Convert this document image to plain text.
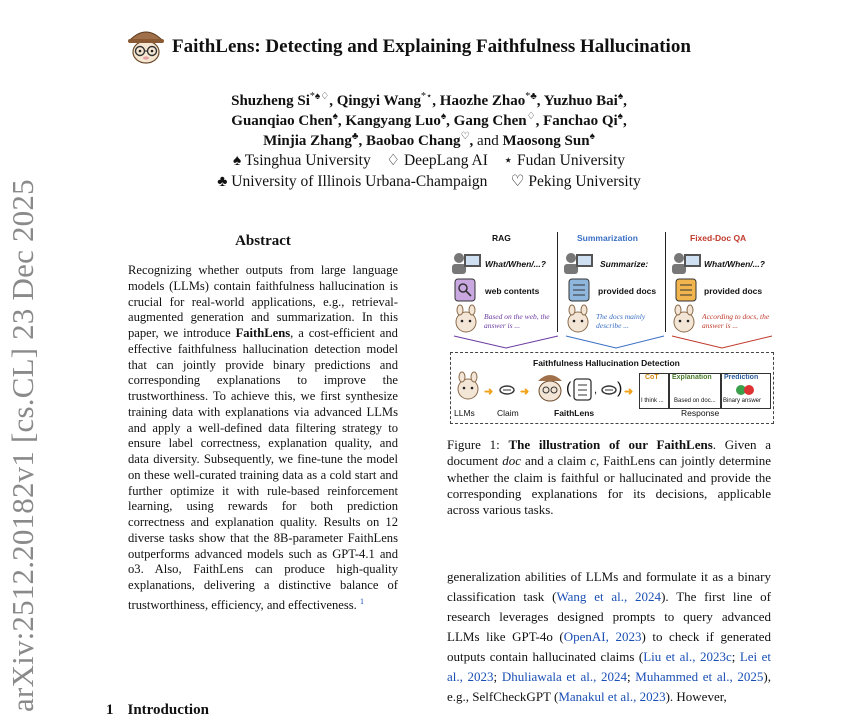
arXiv:2512.20182v1 [cs.CL] 23 Dec 2025
FaithLens: Detecting and Explaining Faithfulness Hallucination
Shuzheng Si*♠♢, Qingyi Wang*⋆, Haozhe Zhao*♣, Yuzhuo Bai♠,
Guanqiao Chen♠, Kangyang Luo♠, Gang Chen♢, Fanchao Qi♠,
Minjia Zhang♣, Baobao Chang♡, and Maosong Sun♠
♠ Tsinghua University ♢ DeepLang AI ⋆ Fudan University
♣ University of Illinois Urbana-Champaign ♡ Peking University
Abstract
Recognizing whether outputs from large language models (LLMs) contain faithfulness hallucination is crucial for real-world applications, e.g., retrieval-augmented generation and summarization. In this paper, we introduce FaithLens, a cost-efficient and effective faithfulness hallucination detection model that can jointly provide binary predictions and corresponding explanations to improve the trustworthiness. To achieve this, we first synthesize training data with explanations via advanced LLMs and apply a well-defined data filtering strategy to ensure label correctness, explanation quality, and data diversity. Subsequently, we fine-tune the model on these well-curated training data as a cold start and further optimize it with rule-based reinforcement learning, using rewards for both prediction correctness and explanation quality. Results on 12 diverse tasks show that the 8B-parameter FaithLens outperforms advanced models such as GPT-4.1 and o3. Also, FaithLens can produce high-quality explanations, delivering a distinctive balance of trustworthiness, efficiency, and effectiveness. $^1$
1 Introduction
RAG	Summarization	Fixed-Doc QA
What/When/...?	Summarize:	What/When/...?
web contents	provided docs	provided docs
Based on the web, the answer is ...
The docs mainly describe ...
According to docs, the answer is ...
Faithfulness Hallucination Detection
➜ ➜ ( , ) ➜
CoT
I think ...
Explanation
Based on doc...
Prediction
Binary answer
LLMs	Claim	FaithLens	Response
Figure 1: The illustration of our FaithLens. Given a document doc and a claim c, FaithLens can jointly determine whether the claim is faithful or hallucinated and provide the corresponding explanations for its decisions, applicable across various tasks.
generalization abilities of LLMs and formulate it as a binary classification task (Wang et al., 2024). The first line of research leverages designed prompts to query advanced LLMs like GPT-4o (OpenAI, 2023) to check if generated outputs contain hallucinated claims (Liu et al., 2023c; Lei et al., 2023; Dhuliawala et al., 2024; Muhammed et al., 2025), e.g., SelfCheckGPT (Manakul et al., 2023). However,
